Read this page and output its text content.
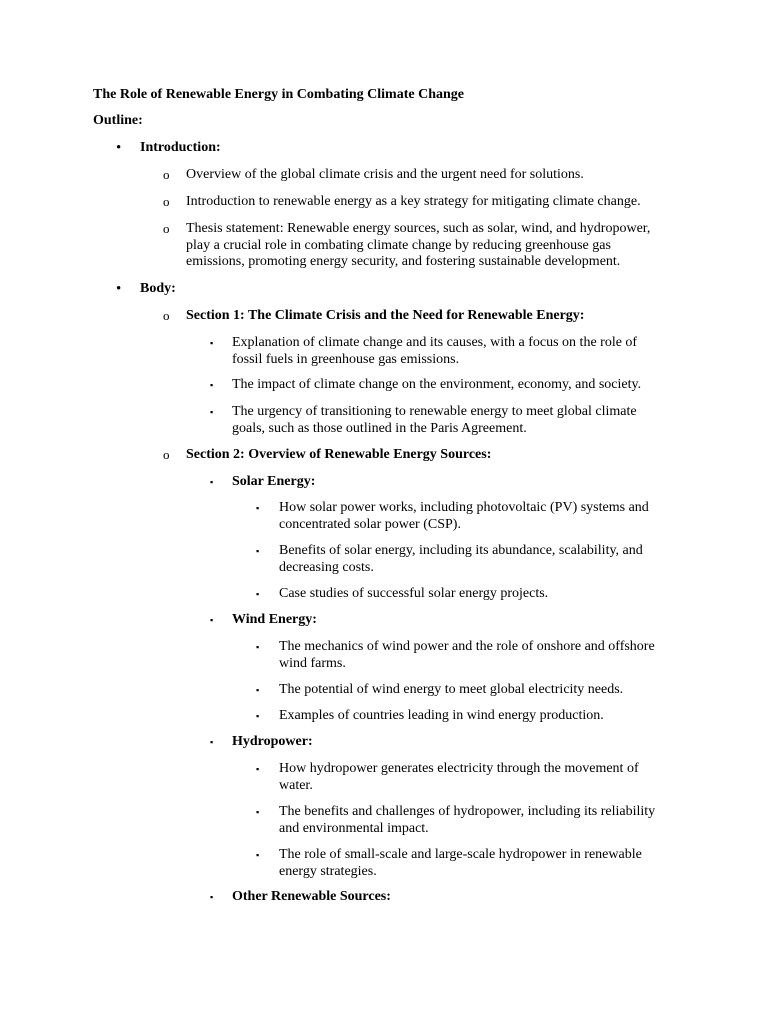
The Role of Renewable Energy in Combating Climate Change
Outline:
• Introduction:
o Overview of the global climate crisis and the urgent need for solutions.
o Introduction to renewable energy as a key strategy for mitigating climate change.
o Thesis statement: Renewable energy sources, such as solar, wind, and hydropower, play a crucial role in combating climate change by reducing greenhouse gas emissions, promoting energy security, and fostering sustainable development.
• Body:
o Section 1: The Climate Crisis and the Need for Renewable Energy:
▪ Explanation of climate change and its causes, with a focus on the role of fossil fuels in greenhouse gas emissions.
▪ The impact of climate change on the environment, economy, and society.
▪ The urgency of transitioning to renewable energy to meet global climate goals, such as those outlined in the Paris Agreement.
o Section 2: Overview of Renewable Energy Sources:
▪ Solar Energy:
▪ How solar power works, including photovoltaic (PV) systems and concentrated solar power (CSP).
▪ Benefits of solar energy, including its abundance, scalability, and decreasing costs.
▪ Case studies of successful solar energy projects.
▪ Wind Energy:
▪ The mechanics of wind power and the role of onshore and offshore wind farms.
▪ The potential of wind energy to meet global electricity needs.
▪ Examples of countries leading in wind energy production.
▪ Hydropower:
▪ How hydropower generates electricity through the movement of water.
▪ The benefits and challenges of hydropower, including its reliability and environmental impact.
▪ The role of small-scale and large-scale hydropower in renewable energy strategies.
▪ Other Renewable Sources:
